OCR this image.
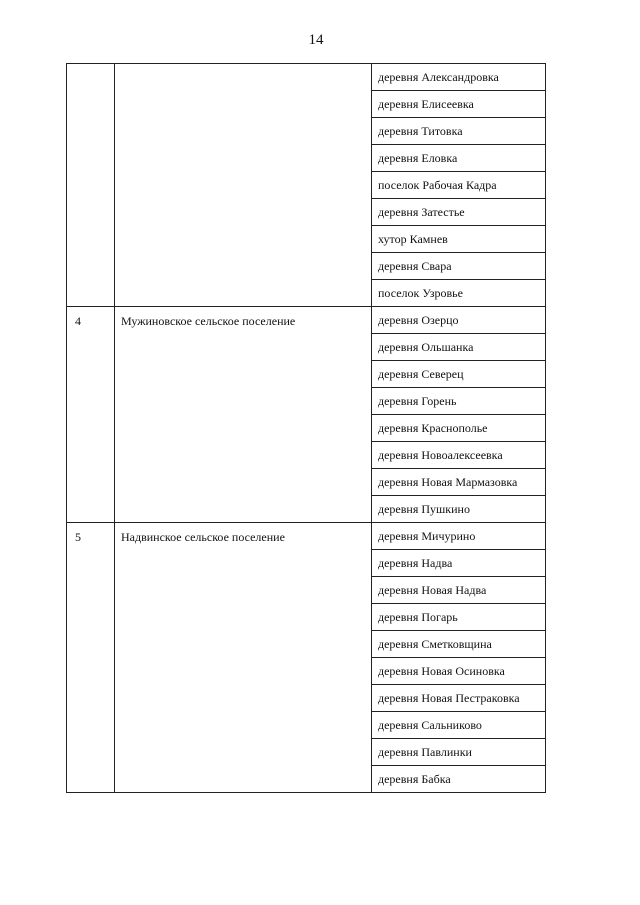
14
		деревня Александровка
		деревня Елисеевка
		деревня Титовка
		деревня Еловка
		поселок Рабочая Кадра
		деревня Затестье
		хутор Камнев
		деревня Свара
		поселок Узровье
4	Мужиновское сельское поселение	деревня Озерцо
		деревня Ольшанка
		деревня Северец
		деревня Горень
		деревня Краснополье
		деревня Новоалексеевка
		деревня Новая Мармазовка
		деревня Пушкино
5	Надвинское сельское поселение	деревня Мичурино
		деревня Надва
		деревня Новая Надва
		деревня Погарь
		деревня Сметковщина
		деревня Новая Осиновка
		деревня Новая Пестраковка
		деревня Сальниково
		деревня Павлинки
		деревня Бабка
